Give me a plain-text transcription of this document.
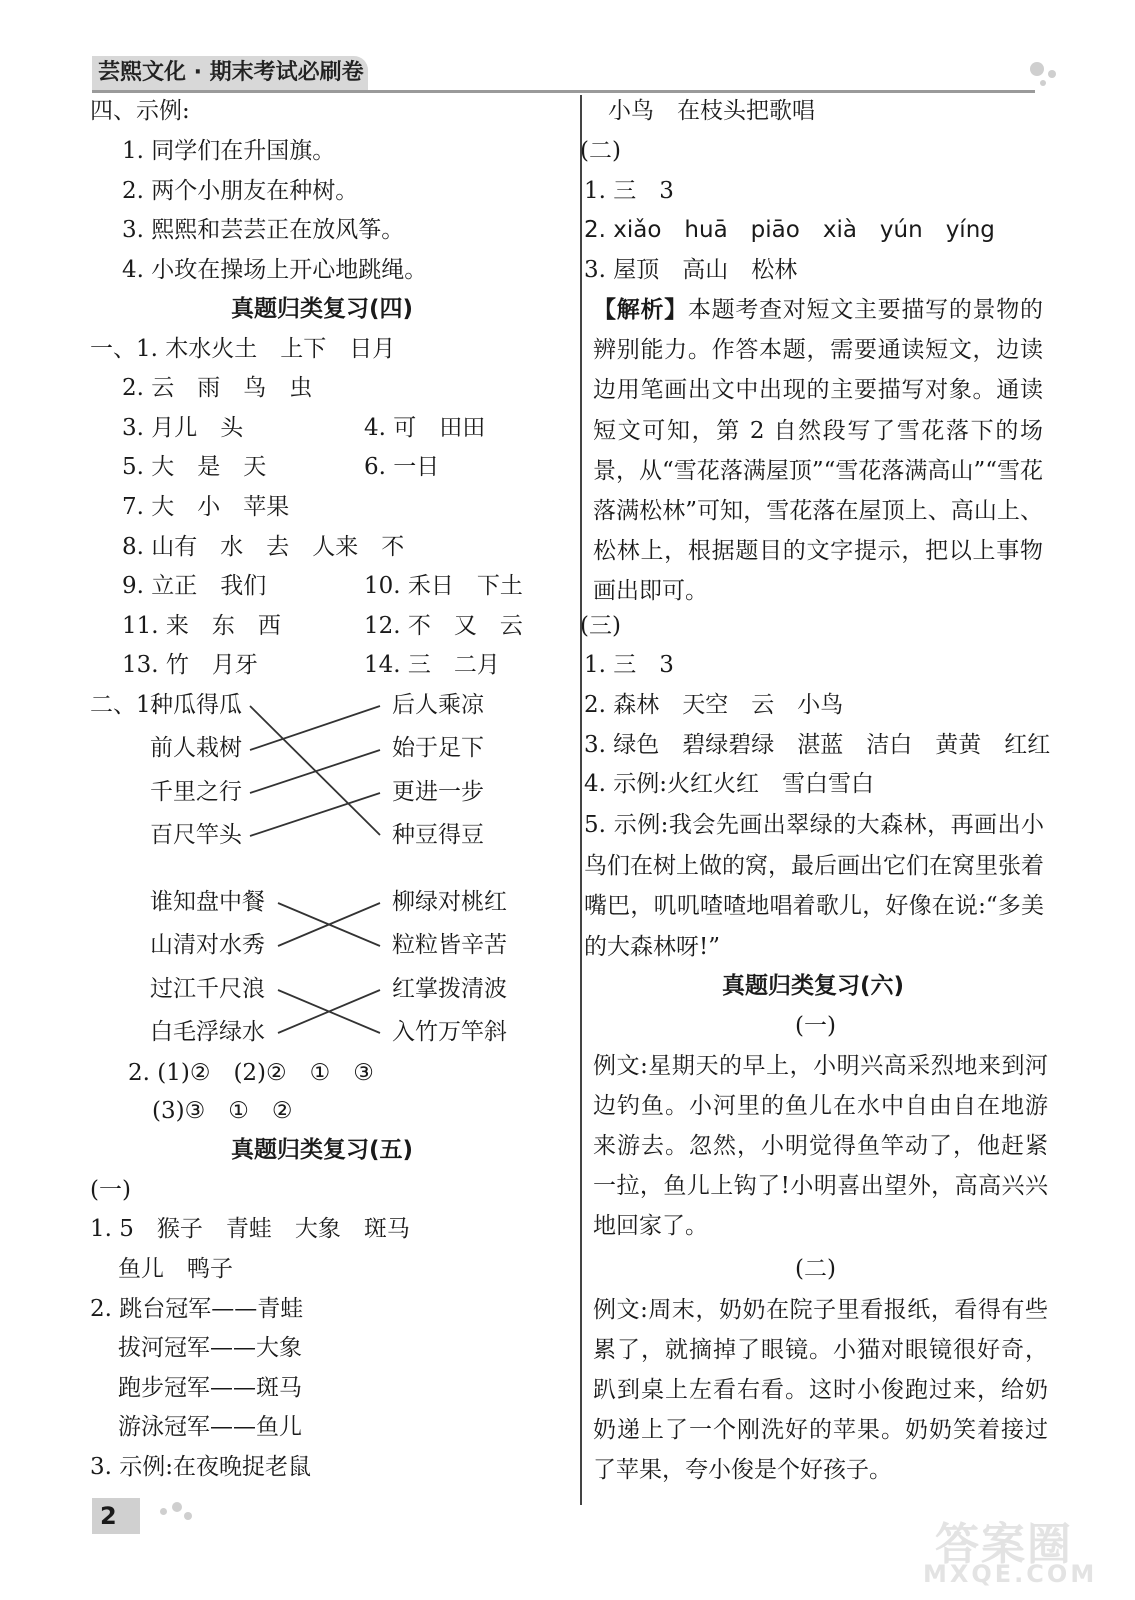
芸熙文化 · 期末考试必刷卷
四、示例:
1. 同学们在升国旗。
2. 两个小朋友在种树。
3. 熙熙和芸芸正在放风筝。
4. 小玫在操场上开心地跳绳。
真题归类复习(四)
一、1. 木水火土　上下　日月
2. 云　雨　鸟　虫
3. 月儿　头	4. 可　田田
5. 大　是　天	6. 一日
7. 大　小　苹果
8. 山有　水　去　人来　不
9. 立正　我们	10. 禾日　下土
11. 来　东　西	12. 不　又　云
13. 竹　月牙	14. 三　二月
二、1.
种瓜得瓜
前人栽树
千里之行
百尺竿头
后人乘凉
始于足下
更进一步
种豆得豆
谁知盘中餐
山清对水秀
过江千尺浪
白毛浮绿水
柳绿对桃红
粒粒皆辛苦
红掌拨清波
入竹万竿斜
2. (1)②　(2)②　①　③
(3)③　①　②
真题归类复习(五)
(一)
1. 5　猴子　青蛙　大象　斑马
鱼儿　鸭子
2. 跳台冠军——青蛙
拔河冠军——大象
跑步冠军——斑马
游泳冠军——鱼儿
3. 示例:在夜晚捉老鼠
小鸟　在枝头把歌唱
(二)
1. 三　3
2. xiǎo　huā　piāo　xià　yún　yíng
3. 屋顶　高山　松林
【解析】本题考查对短文主要描写的景物的辨别能力。作答本题，需要通读短文，边读边用笔画出文中出现的主要描写对象。通读短文可知，第 2 自然段写了雪花落下的场景，从“雪花落满屋顶”“雪花落满高山”“雪花落满松林”可知，雪花落在屋顶上、高山上、松林上，根据题目的文字提示，把以上事物画出即可。
(三)
1. 三　3
2. 森林　天空　云　小鸟
3. 绿色　碧绿碧绿　湛蓝　洁白　黄黄　红红
4. 示例:火红火红　雪白雪白
5. 示例:我会先画出翠绿的大森林，再画出小鸟们在树上做的窝，最后画出它们在窝里张着嘴巴，叽叽喳喳地唱着歌儿，好像在说:“多美的大森林呀!”
真题归类复习(六)
(一)
例文:星期天的早上，小明兴高采烈地来到河边钓鱼。小河里的鱼儿在水中自由自在地游来游去。忽然，小明觉得鱼竿动了，他赶紧一拉，鱼儿上钩了!小明喜出望外，高高兴兴地回家了。
(二)
例文:周末，奶奶在院子里看报纸，看得有些累了，就摘掉了眼镜。小猫对眼镜很好奇，趴到桌上左看右看。这时小俊跑过来，给奶奶递上了一个刚洗好的苹果。奶奶笑着接过了苹果，夸小俊是个好孩子。
2
答案圈
MXQE.COM
